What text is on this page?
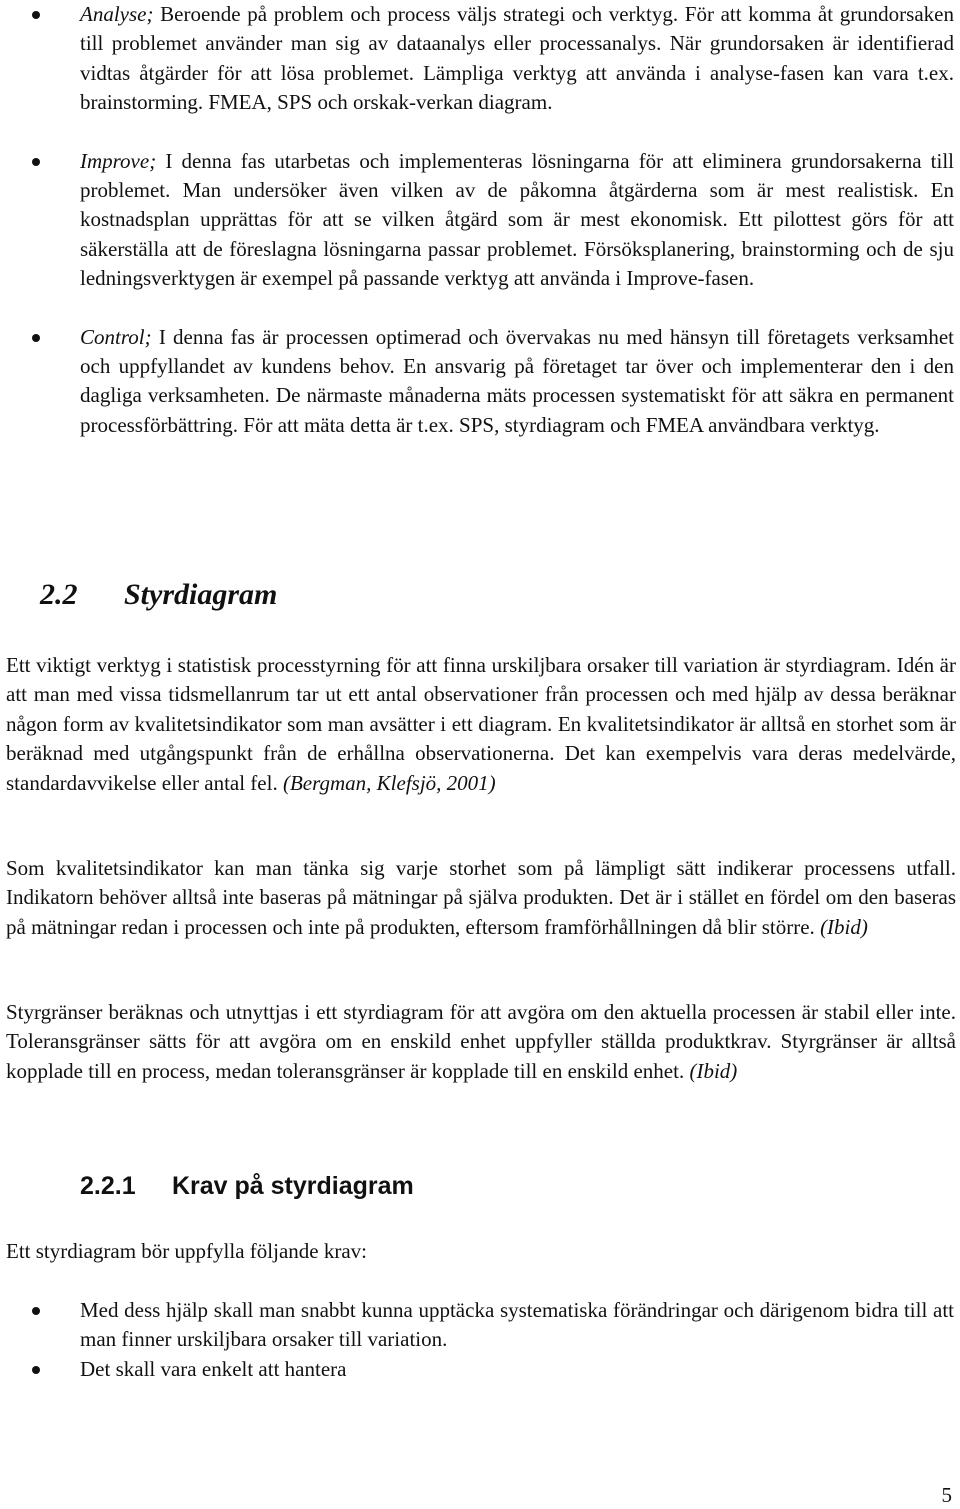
Analyse; Beroende på problem och process väljs strategi och verktyg. För att komma åt grundorsaken till problemet använder man sig av dataanalys eller processanalys. När grundorsaken är identifierad vidtas åtgärder för att lösa problemet. Lämpliga verktyg att använda i analyse-fasen kan vara t.ex. brainstorming. FMEA, SPS och orskak-verkan diagram.
Improve; I denna fas utarbetas och implementeras lösningarna för att eliminera grundorsakerna till problemet. Man undersöker även vilken av de påkomna åtgärderna som är mest realistisk. En kostnadsplan upprättas för att se vilken åtgärd som är mest ekonomisk. Ett pilottest görs för att säkerställa att de föreslagna lösningarna passar problemet. Försöksplanering, brainstorming och de sju ledningsverktygen är exempel på passande verktyg att använda i Improve-fasen.
Control; I denna fas är processen optimerad och övervakas nu med hänsyn till företagets verksamhet och uppfyllandet av kundens behov. En ansvarig på företaget tar över och implementerar den i den dagliga verksamheten. De närmaste månaderna mäts processen systematiskt för att säkra en permanent processförbättring. För att mäta detta är t.ex. SPS, styrdiagram och FMEA användbara verktyg.
2.2 Styrdiagram
Ett viktigt verktyg i statistisk processtyrning för att finna urskiljbara orsaker till variation är styrdiagram. Idén är att man med vissa tidsmellanrum tar ut ett antal observationer från processen och med hjälp av dessa beräknar någon form av kvalitetsindikator som man avsätter i ett diagram. En kvalitetsindikator är alltså en storhet som är beräknad med utgångspunkt från de erhållna observationerna. Det kan exempelvis vara deras medelvärde, standardavvikelse eller antal fel. (Bergman, Klefsjö, 2001)
Som kvalitetsindikator kan man tänka sig varje storhet som på lämpligt sätt indikerar processens utfall. Indikatorn behöver alltså inte baseras på mätningar på själva produkten. Det är i stället en fördel om den baseras på mätningar redan i processen och inte på produkten, eftersom framförhållningen då blir större. (Ibid)
Styrgränser beräknas och utnyttjas i ett styrdiagram för att avgöra om den aktuella processen är stabil eller inte. Toleransgränser sätts för att avgöra om en enskild enhet uppfyller ställda produktkrav. Styrgränser är alltså kopplade till en process, medan toleransgränser är kopplade till en enskild enhet. (Ibid)
2.2.1 Krav på styrdiagram
Ett styrdiagram bör uppfylla följande krav:
Med dess hjälp skall man snabbt kunna upptäcka systematiska förändringar och därigenom bidra till att man finner urskiljbara orsaker till variation.
Det skall vara enkelt att hantera
5
